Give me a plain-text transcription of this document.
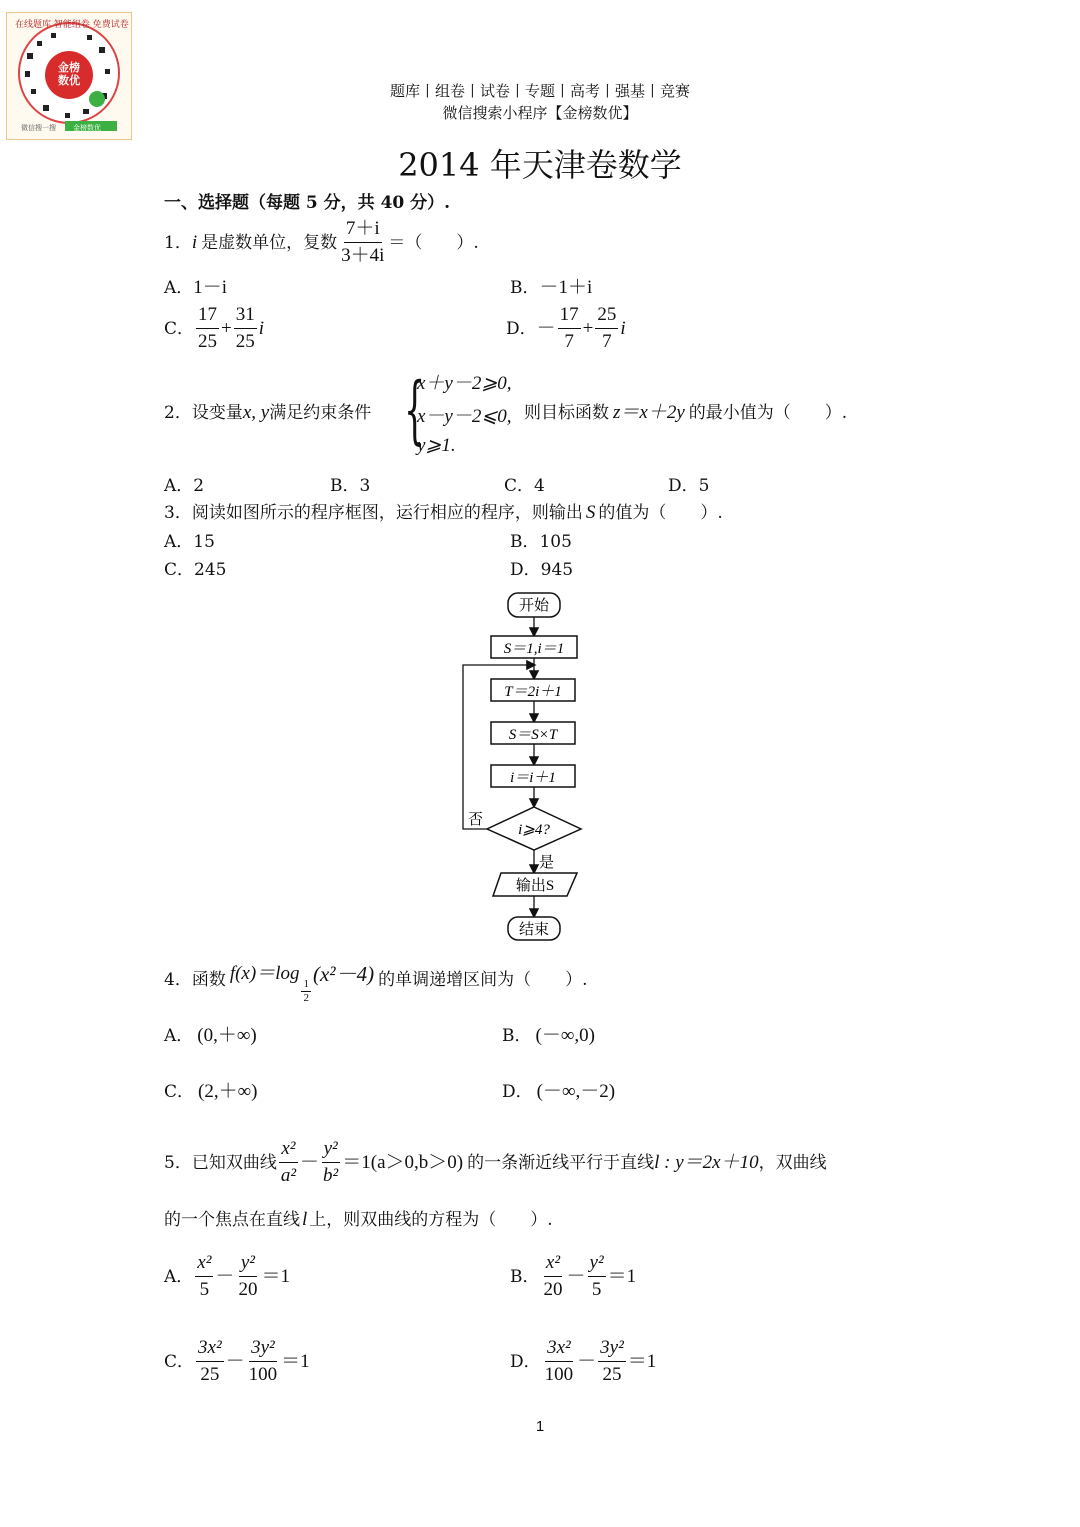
在线题库 智能组卷 免费试卷
金榜
数优
微信搜一搜 金榜数优
题库丨组卷丨试卷丨专题丨高考丨强基丨竞赛
微信搜索小程序【金榜数优】
2014 年天津卷数学
一、选择题（每题 5 分，共 40 分）.
1． i 是虚数单位，复数 $\frac{7+i}{3+4i}$ ＝（　　）.
A．1－i	B．－1＋i
C． $\frac{17}{25} + \frac{31}{25}$ i	D． － $\frac{17}{7} + \frac{25}{7}$ i
2．设变量x, y满足约束条件 {
x＋y－2⩾0,
x－y－2⩽0,
y⩾1.
则目标函数 z＝x＋2y 的最小值为（　　）.
A．2	B．3	C．4	D．5
3．阅读如图所示的程序框图，运行相应的程序，则输出 S 的值为（　　）.
A．15	B．105
C．245	D．945
开始
S＝1,i＝1
T＝2i＋1
S＝S×T
i＝i＋1
i⩾4?
否
是
输出S
结束
4． 函数 f(x)＝log
$\frac{1}{2}$
(x²－4) 的单调递增区间为（　　）.
A． (0,＋∞)	B． (－∞,0)
C． (2,＋∞)	D． (－∞,－2)
5． 已知双曲线 $\frac{\text{x²}}{\text{a²}} - \frac{\text{y²}}{\text{b²}} =1(a>0,b>0)$ 的一条渐近线平行于直线 l : y＝2x＋10 ，双曲线
的一个焦点在直线 l 上，则双曲线的方程为（　　）.
A． $\frac{\text{x²}}{5} - \frac{\text{y²}}{20} =1$	B． $\frac{\text{x²}}{20} - \frac{\text{y²}}{5} =1$
C． $\frac{\text{3x²}}{25} - \frac{\text{3y²}}{100} =1$	D． $\frac{\text{3x²}}{100} - \frac{\text{3y²}}{25} =1$
1
